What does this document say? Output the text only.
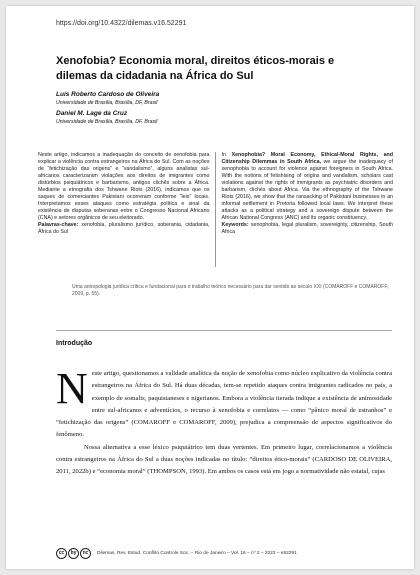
https://doi.org/10.4322/dilemas.v16.52291
Xenofobia? Economia moral, direitos éticos-morais e dilemas da cidadania na África do Sul
Luís Roberto Cardoso de Oliveira
Universidade de Brasília, Brasília, DF, Brasil
Daniel M. Lage da Cruz
Universidade de Brasília, Brasília, DF, Brasil
Neste artigo, indicamos a inadequação do conceito de xenofobia para explicar a violência contra estrangeiros na África do Sul. Com as noções de “fetichização das origens” e “vandalismo”, alguns analistas sul-africanos caracterizaram violações aos direitos de imigrantes como distúrbios psiquiátricos e barbarismo, antigos clichês sobre a África. Mediante a etnografia dos Tshwane Riots (2016), indicamos que os saques de comerciantes Pakistani ocorreram conforme “leis” locais. Interpretamos esses ataques como estratégia política e sinal da existência de disputas soberanas entre o Congresso Nacional Africano (CNA) e setores orgânicos de seu eleitorado.
Palavras-chave: xenofobia, pluralismo jurídico, soberania, cidadania, África do Sul
In Xenophobia? Moral Economy, Ethical-Moral Rights, and Citizenship Dilemmas in South Africa, we argue the inadequacy of xenophobia to account for violence against foreigners in South Africa. With the notions of fetishising of origins and vandalism, scholars cast violations against the rights of immigrants as psychiatric disorders and barbarism, clichés about Africa. Via the ethnography of the Tshwane Riots (2016), we show that the ransacking of Pakistani businesses in an informal settlement in Pretoria followed local laws. We interpret these attacks as a political strategy and a sovereign dispute between the African National Congress (ANC) and its organic constituency.
Keywords: xenophobia, legal pluralism, sovereignty, citizenship, South Africa
Uma antropologia jurídica crítica e fundacional para o trabalho teórico necessário para dar sentido ao século XXI (COMAROFF e COMAROFF, 2009, p. 55).
Introdução
N este artigo, questionamos a validade analítica da noção de xenofobia como núcleo explicativo da violência contra estrangeiros na África do Sul. Há duas décadas, tem-se repetido ataques contra imigrantes radicados no país, a exemplo de somalis, paquistaneses e nigerianos. Embora a violência iterada indique a existência de animosidade entre sul-africanos e adventícios, o recurso à xenofobia e correlatos — como “pânico moral de estranhos” e “fetichização das origens” (COMAROFF e COMAROFF, 2009), prejudica a compreensão de aspectos significativos do fenômeno.

Nossa alternativa a esse léxico psiquiátrico tem duas vertentes. Em primeiro lugar, correlacionamos a violência contra estrangeiros na África do Sul a duas noções indicadas no título: “direitos ético-morais” (CARDOSO DE OLIVEIRA, 2011, 2022b) e “economia moral” (THOMPSON, 1993). Em ambos os casos está em jogo a normatividade não estatal, cujas

cc	by	nc	Dilemas, Rev. Estud. Conflito Controle Soc. – Rio de Janeiro – Vol. 16 – nº 2 – 2023 – e52291
